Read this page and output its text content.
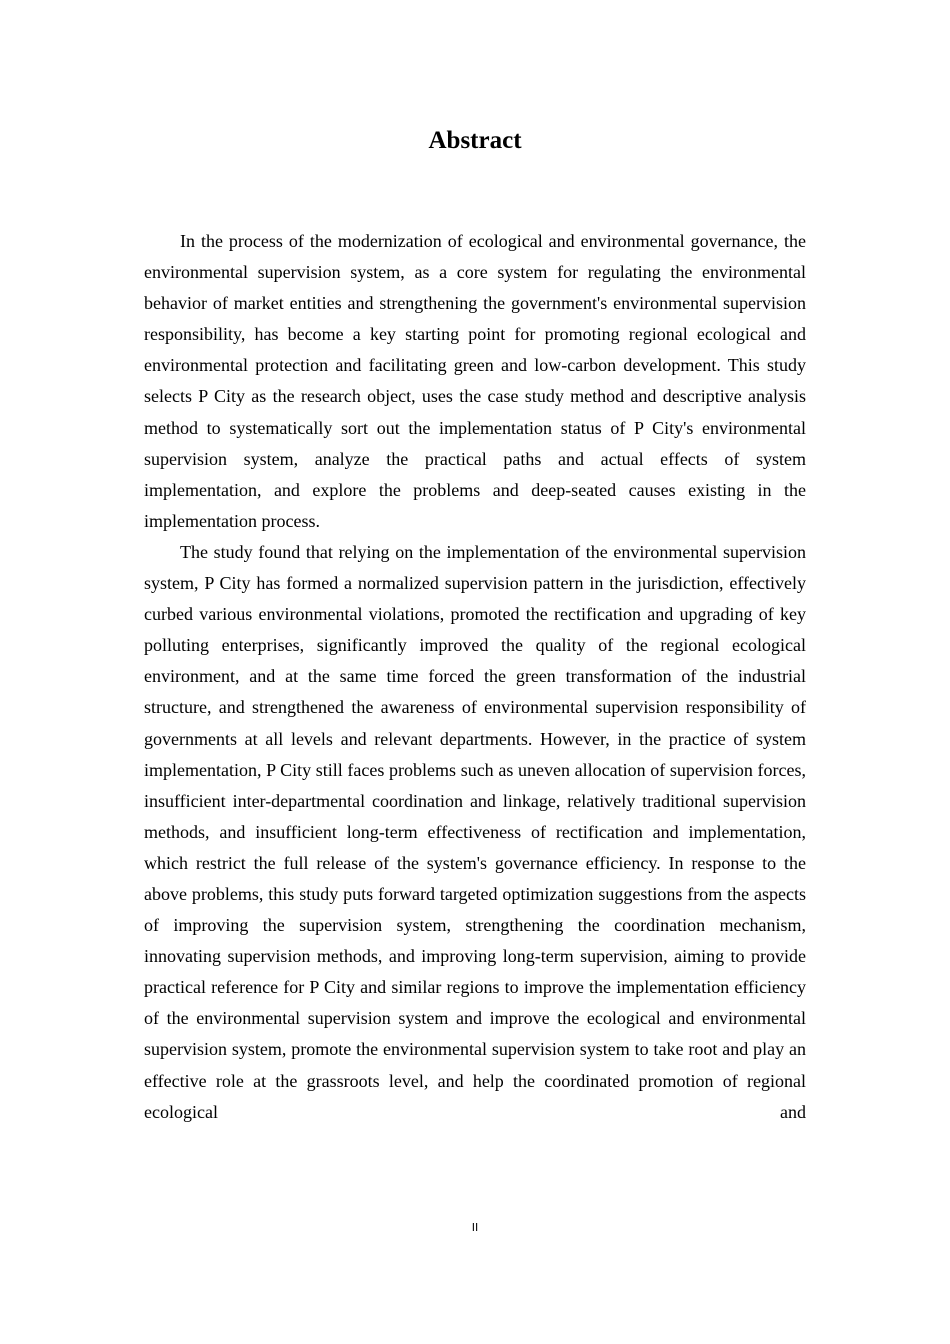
Abstract

In the process of the modernization of ecological and environmental governance, the environmental supervision system, as a core system for regulating the environmental behavior of market entities and strengthening the government's environmental supervision responsibility, has become a key starting point for promoting regional ecological and environmental protection and facilitating green and low-carbon development. This study selects P City as the research object, uses the case study method and descriptive analysis method to systematically sort out the implementation status of P City's environmental supervision system, analyze the practical paths and actual effects of system implementation, and explore the problems and deep-seated causes existing in the implementation process.

The study found that relying on the implementation of the environmental supervision system, P City has formed a normalized supervision pattern in the jurisdiction, effectively curbed various environmental violations, promoted the rectification and upgrading of key polluting enterprises, significantly improved the quality of the regional ecological environment, and at the same time forced the green transformation of the industrial structure, and strengthened the awareness of environmental supervision responsibility of governments at all levels and relevant departments. However, in the practice of system implementation, P City still faces problems such as uneven allocation of supervision forces, insufficient inter-departmental coordination and linkage, relatively traditional supervision methods, and insufficient long-term effectiveness of rectification and implementation, which restrict the full release of the system's governance efficiency. In response to the above problems, this study puts forward targeted optimization suggestions from the aspects of improving the supervision system, strengthening the coordination mechanism, innovating supervision methods, and improving long-term supervision, aiming to provide practical reference for P City and similar regions to improve the implementation efficiency of the environmental supervision system and improve the ecological and environmental supervision system, promote the environmental supervision system to take root and play an effective role at the grassroots level, and help the coordinated promotion of regional ecological and

II
